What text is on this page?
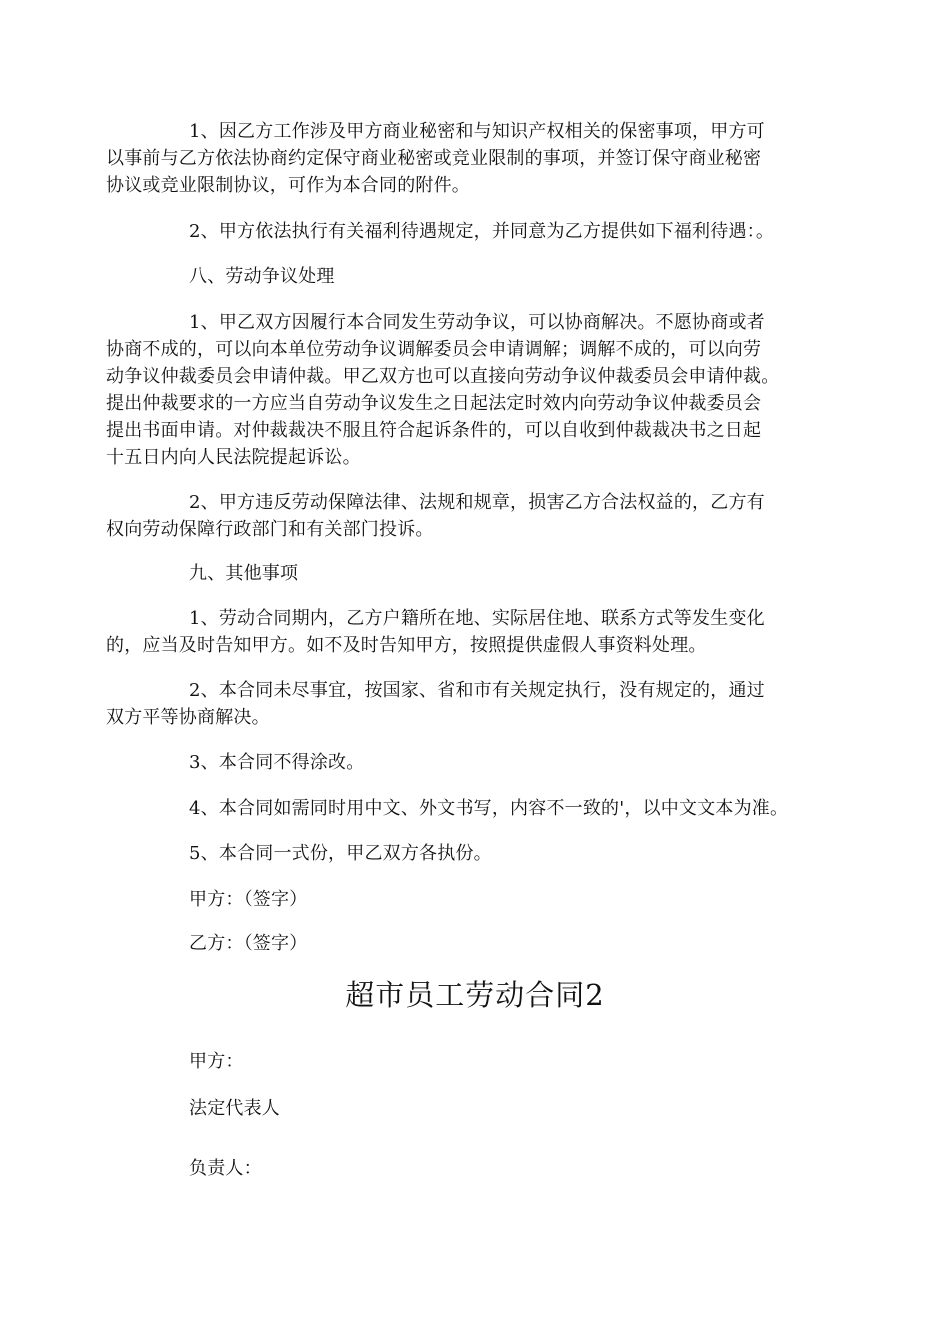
1、因乙方工作涉及甲方商业秘密和与知识产权相关的保密事项，甲方可
以事前与乙方依法协商约定保守商业秘密或竞业限制的事项，并签订保守商业秘密
协议或竞业限制协议，可作为本合同的附件。
2、甲方依法执行有关福利待遇规定，并同意为乙方提供如下福利待遇：。
八、劳动争议处理
1、甲乙双方因履行本合同发生劳动争议，可以协商解决。不愿协商或者
协商不成的，可以向本单位劳动争议调解委员会申请调解；调解不成的，可以向劳
动争议仲裁委员会申请仲裁。甲乙双方也可以直接向劳动争议仲裁委员会申请仲裁。
提出仲裁要求的一方应当自劳动争议发生之日起法定时效内向劳动争议仲裁委员会
提出书面申请。对仲裁裁决不服且符合起诉条件的，可以自收到仲裁裁决书之日起
十五日内向人民法院提起诉讼。
2、甲方违反劳动保障法律、法规和规章，损害乙方合法权益的，乙方有
权向劳动保障行政部门和有关部门投诉。
九、其他事项
1、劳动合同期内，乙方户籍所在地、实际居住地、联系方式等发生变化
的，应当及时告知甲方。如不及时告知甲方，按照提供虚假人事资料处理。
2、本合同未尽事宜，按国家、省和市有关规定执行，没有规定的，通过
双方平等协商解决。
3、本合同不得涂改。
4、本合同如需同时用中文、外文书写，内容不一致的'，以中文文本为准。
5、本合同一式份，甲乙双方各执份。
甲方：（签字）
乙方：（签字）
超市员工劳动合同2
甲方：
法定代表人
负责人：
